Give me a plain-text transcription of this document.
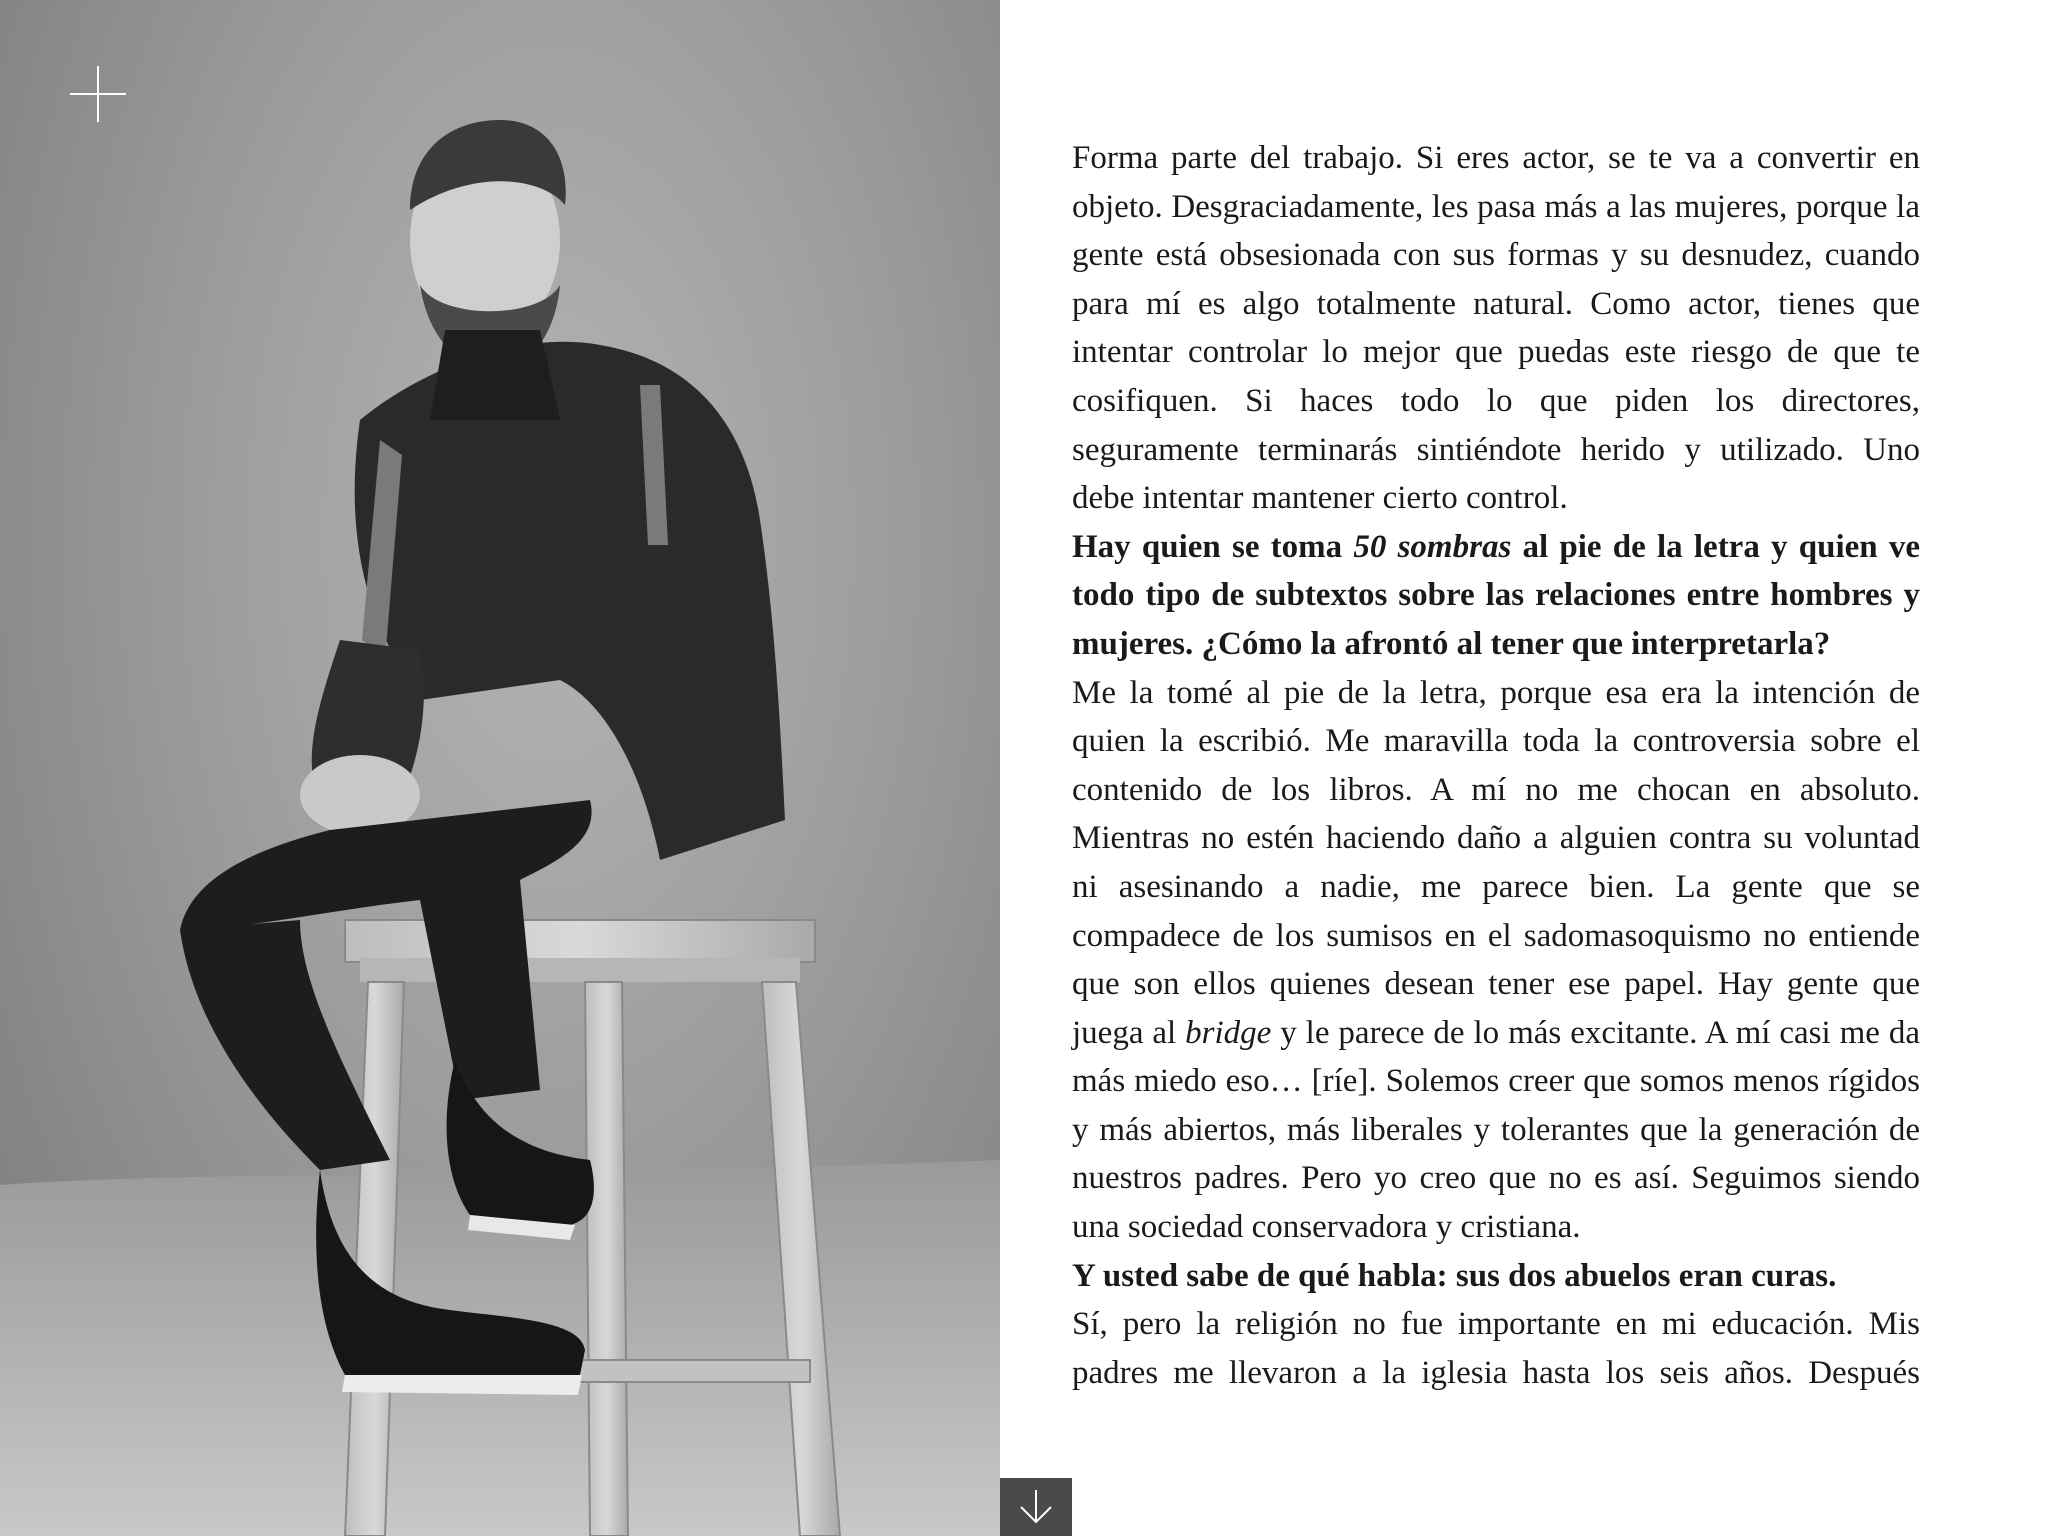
Forma parte del trabajo. Si eres actor, se te va a convertir en objeto. Desgraciadamente, les pasa más a las mujeres, porque la gente está obsesionada con sus formas y su desnudez, cuando para mí es algo totalmente natural. Como actor, tienes que intentar controlar lo mejor que puedas este riesgo de que te cosifiquen. Si haces todo lo que piden los directores, seguramente terminarás sintiéndote herido y utilizado. Uno debe intentar mantener cierto control.

Hay quien se toma 50 sombras al pie de la letra y quien ve todo tipo de subtextos sobre las relaciones entre hombres y mujeres. ¿Cómo la afrontó al tener que interpretarla?

Me la tomé al pie de la letra, porque esa era la intención de quien la escribió. Me maravilla toda la controversia sobre el contenido de los libros. A mí no me chocan en absoluto. Mientras no estén haciendo daño a alguien contra su voluntad ni asesinando a nadie, me parece bien. La gente que se compadece de los sumisos en el sadomasoquismo no entiende que son ellos quienes desean tener ese papel. Hay gente que juega al bridge y le parece de lo más excitante. A mí casi me da más miedo eso… [ríe]. Solemos creer que somos menos rígidos y más abiertos, más liberales y tolerantes que la generación de nuestros padres. Pero yo creo que no es así. Seguimos siendo una sociedad conservadora y cristiana.

Y usted sabe de qué habla: sus dos abuelos eran curas.

Sí, pero la religión no fue importante en mi educación. Mis padres me llevaron a la iglesia hasta los seis años. Después
